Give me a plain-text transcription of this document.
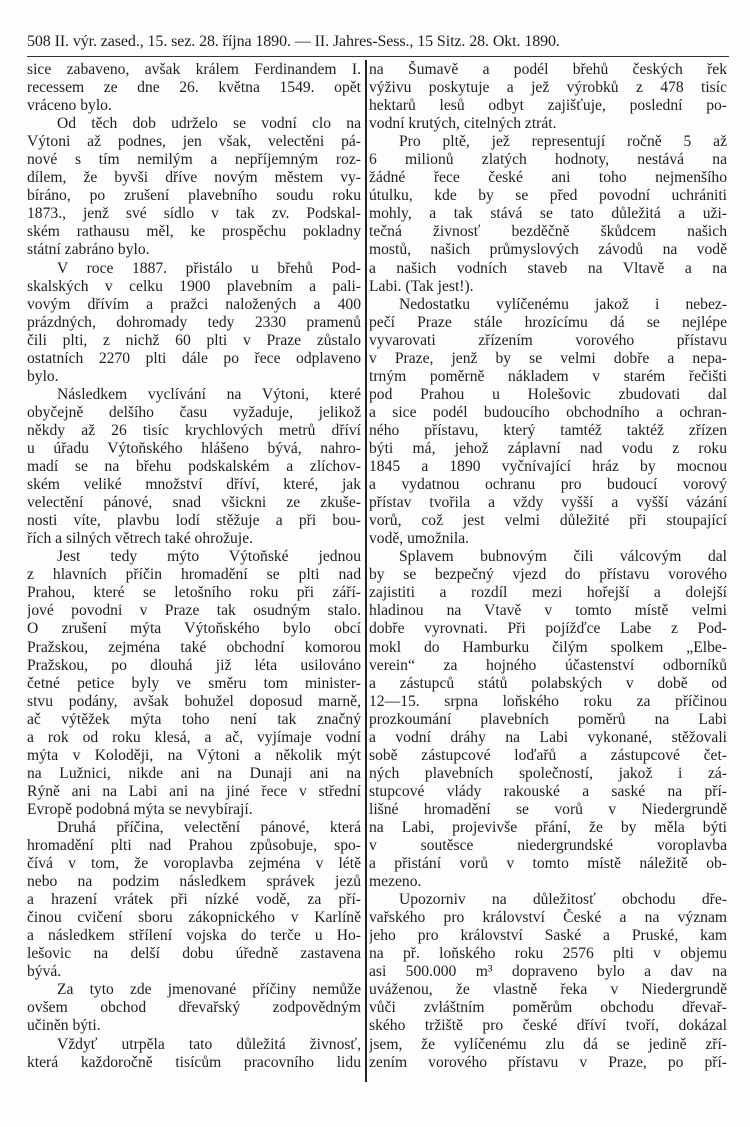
508 II. výr. zased., 15. sez. 28. října 1890. — II. Jahres-Sess., 15 Sitz. 28. Okt. 1890.
sice zabaveno, avšak králem Ferdinandem I.
recessem ze dne 26. května 1549. opět
vráceno bylo.
Od těch dob udrželo se vodní clo na
Výtoni až podnes, jen však, velectěni pá-
nové s tím nemilým a nepříjemným roz-
dílem, že byvši dříve novým městem vy-
bíráno, po zrušení plavebního soudu roku
1873., jenž své sídlo v tak zv. Podskal-
ském rathausu měl, ke prospěchu pokladny
státní zabráno bylo.
V roce 1887. přistálo u břehů Pod-
skalských v celku 1900 plavebním a pali-
vovým dřívím a pražci naložených a 400
prázdných, dohromady tedy 2330 pramenů
čili plti, z nichž 60 plti v Praze zůstalo
ostatních 2270 plti dále po řece odplaveno
bylo.
Následkem vyclívání na Výtoni, které
obyčejně delšího času vyžaduje, jelikož
někdy až 26 tisíc krychlových metrů dříví
u úřadu Výtoňského hlášeno bývá, nahro-
madí se na břehu podskalském a zlíchov-
ském veliké množství dříví, které, jak
velectění pánové, snad všickni ze zkuše-
nosti víte, plavbu lodí stěžuje a při bou-
řích a silných větrech také ohrožuje.
Jest tedy mýto Výtoňské jednou
z hlavních příčin hromadění se plti nad
Prahou, které se letošního roku při září-
jové povodni v Praze tak osudným stalo.
O zrušení mýta Výtoňského bylo obcí
Pražskou, zejména také obchodní komorou
Pražskou, po dlouhá již léta usilováno
četné petice byly ve směru tom minister-
stvu podány, avšak bohužel doposud marně,
ač výtěžek mýta toho není tak značný
a rok od roku klesá, a ač, vyjímaje vodní
mýta v Koloději, na Výtoni a několik mýt
na Lužnici, nikde ani na Dunaji ani na
Rýně ani na Labi ani na jiné řece v střední
Evropě podobná mýta se nevybírají.
Druhá příčina, velectění pánové, která
hromadění plti nad Prahou způsobuje, spo-
čívá v tom, že voroplavba zejména v létě
nebo na podzim následkem správek jezů
a hrazení vrátek při nízké vodě, za pří-
činou cvičení sboru zákopnického v Karlíně
a následkem střílení vojska do terče u Ho-
lešovic na delší dobu úředně zastavena
bývá.
Za tyto zde jmenované příčiny nemůže
ovšem obchod dřevařský zodpovědným
učiněn býti.
Vždyť utrpěla tato důležitá živnosť,
která každoročně tisícům pracovního lidu
na Šumavě a podél břehů českých řek
výživu poskytuje a jež výrobků z 478 tisíc
hektarů lesů odbyt zajišťuje, poslední po-
vodní krutých, citelných ztrát.
Pro pltě, jež representují ročně 5 až
6 milionů zlatých hodnoty, nestává na
žádné řece české ani toho nejmenšího
útulku, kde by se před povodní uchrániti
mohly, a tak stává se tato důležitá a uži-
tečná živnosť bezděčně škůdcem našich
mostů, našich průmyslových závodů na vodě
a našich vodních staveb na Vltavě a na
Labi. (Tak jest!).
Nedostatku vylíčenému jakož i nebez-
pečí Praze stále hrozícímu dá se nejlépe
vyvarovati zřízením vorového přístavu
v Praze, jenž by se velmi dobře a nepa-
trným poměrně nákladem v starém řečišti
pod Prahou u Holešovic zbudovati dal
a sice podél budoucího obchodního a ochran-
ného přístavu, který tamtéž taktéž zřízen
býti má, jehož záplavní nad vodu z roku
1845 a 1890 vyčnívající hráz by mocnou
a vydatnou ochranu pro budoucí vorový
přístav tvořila a vždy vyšší a vyšší vázání
vorů, což jest velmi důležité při stoupající
vodě, umožnila.
Splavem bubnovým čili válcovým dal
by se bezpečný vjezd do přístavu vorového
zajistiti a rozdíl mezi hořejší a dolejší
hladinou na Vtavě v tomto místě velmi
dobře vyrovnati. Při pojížďce Labe z Pod-
mokl do Hamburku čilým spolkem „Elbe-
verein“ za hojného účastenství odborníků
a zástupců států polabských v době od
12—15. srpna loňského roku za příčinou
prozkoumání plavebních poměrů na Labi
a vodní dráhy na Labi vykonané, stěžovali
sobě zástupcové loďařů a zástupcové čet-
ných plavebních společností, jakož i zá-
stupcové vlády rakouské a saské na pří-
lišné hromadění se vorů v Niedergrundě
na Labi, projevivše přání, že by měla býti
v soutěsce niedergrundské voroplavba
a přistání vorů v tomto místě náležitě ob-
mezeno.
Upozorniv na důležitosť obchodu dře-
vařského pro království České a na význam
jeho pro království Saské a Pruské, kam
na př. loňského roku 2576 plti v objemu
asi 500.000 m³ dopraveno bylo a dav na
uváženou, že vlastně řeka v Niedergrundě
vůči zvláštním poměrům obchodu dřevař-
ského tržiště pro české dříví tvoří, dokázal
jsem, že vylíčenému zlu dá se jedině zří-
zením vorového přístavu v Praze, po pří-
